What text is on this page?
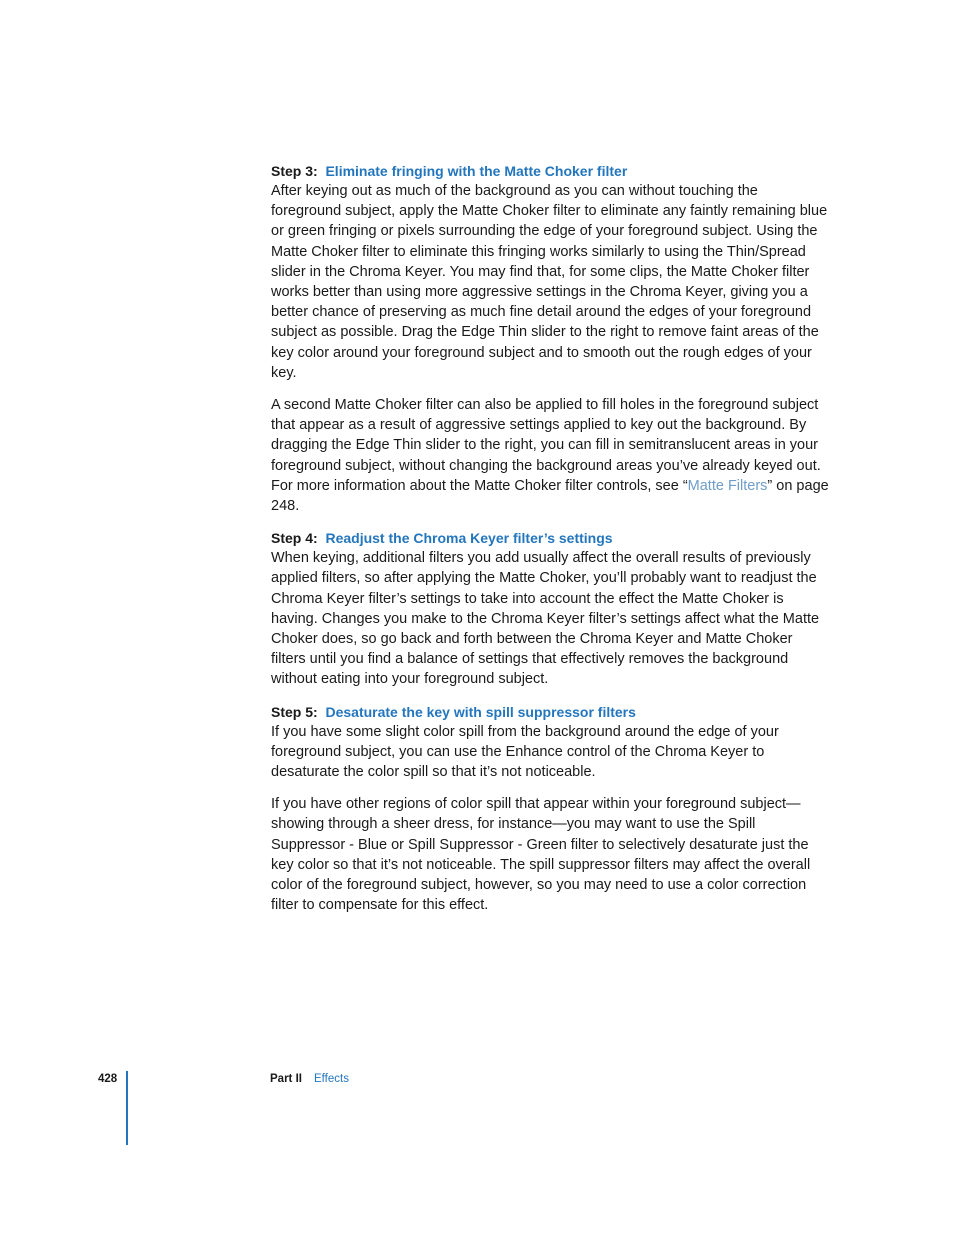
Step 3: Eliminate fringing with the Matte Choker filter

After keying out as much of the background as you can without touching the foreground subject, apply the Matte Choker filter to eliminate any faintly remaining blue or green fringing or pixels surrounding the edge of your foreground subject. Using the Matte Choker filter to eliminate this fringing works similarly to using the Thin/Spread slider in the Chroma Keyer. You may find that, for some clips, the Matte Choker filter works better than using more aggressive settings in the Chroma Keyer, giving you a better chance of preserving as much fine detail around the edges of your foreground subject as possible. Drag the Edge Thin slider to the right to remove faint areas of the key color around your foreground subject and to smooth out the rough edges of your key.

A second Matte Choker filter can also be applied to fill holes in the foreground subject that appear as a result of aggressive settings applied to key out the background. By dragging the Edge Thin slider to the right, you can fill in semitranslucent areas in your foreground subject, without changing the background areas you’ve already keyed out. For more information about the Matte Choker filter controls, see “Matte Filters” on page 248.

Step 4: Readjust the Chroma Keyer filter’s settings

When keying, additional filters you add usually affect the overall results of previously applied filters, so after applying the Matte Choker, you’ll probably want to readjust the Chroma Keyer filter’s settings to take into account the effect the Matte Choker is having. Changes you make to the Chroma Keyer filter’s settings affect what the Matte Choker does, so go back and forth between the Chroma Keyer and Matte Choker filters until you find a balance of settings that effectively removes the background without eating into your foreground subject.

Step 5: Desaturate the key with spill suppressor filters

If you have some slight color spill from the background around the edge of your foreground subject, you can use the Enhance control of the Chroma Keyer to desaturate the color spill so that it’s not noticeable.

If you have other regions of color spill that appear within your foreground subject—showing through a sheer dress, for instance—you may want to use the Spill Suppressor - Blue or Spill Suppressor - Green filter to selectively desaturate just the key color so that it’s not noticeable. The spill suppressor filters may affect the overall color of the foreground subject, however, so you may need to use a color correction filter to compensate for this effect.

428	Part II Effects
